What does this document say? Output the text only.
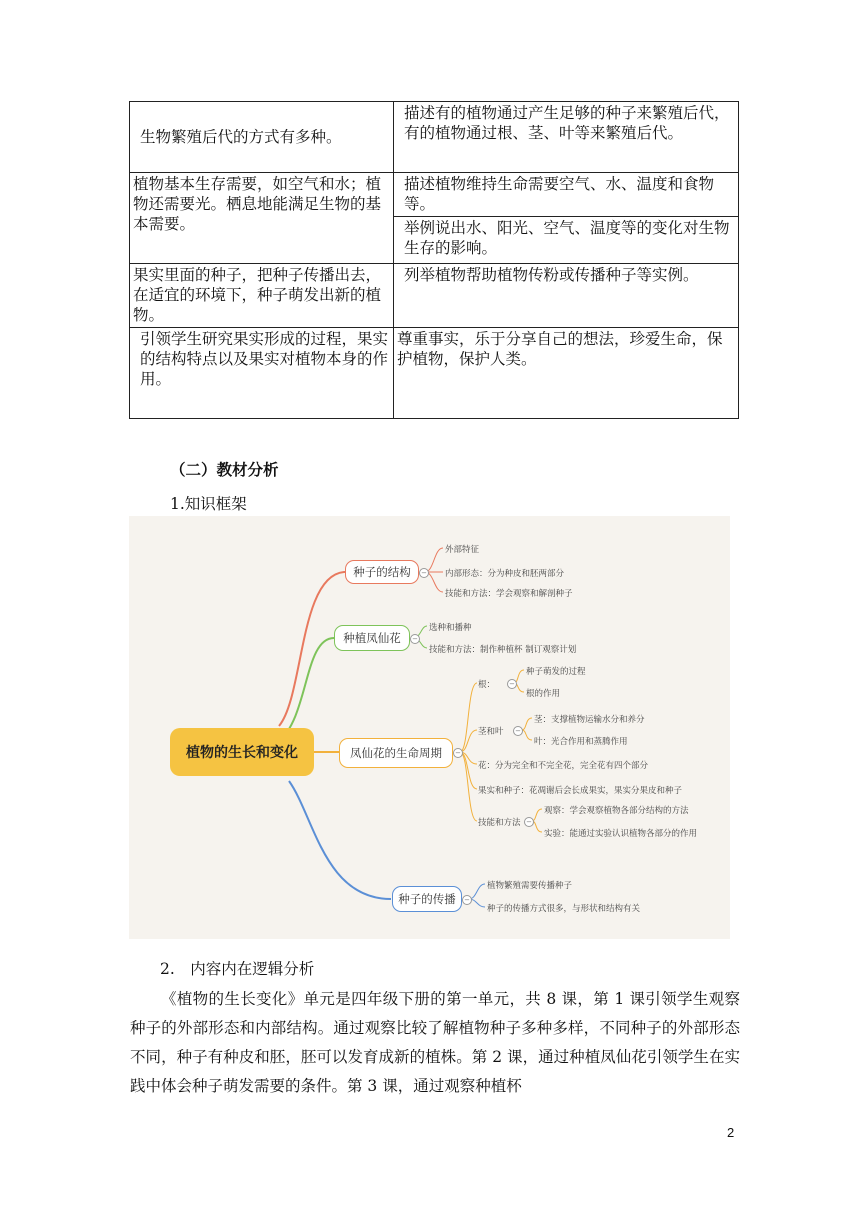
生物繁殖后代的方式有多种。	描述有的植物通过产生足够的种子来繁殖后代，有的植物通过根、茎、叶等来繁殖后代。
植物基本生存需要，如空气和水；植物还需要光。栖息地能满足生物的基本需要。	描述植物维持生命需要空气、水、温度和食物等。
	举例说出水、阳光、空气、温度等的变化对生物生存的影响。
果实里面的种子，把种子传播出去，在适宜的环境下，种子萌发出新的植物。	列举植物帮助植物传粉或传播种子等实例。
引领学生研究果实形成的过程，果实的结构特点以及果实对植物本身的作用。	尊重事实，乐于分享自己的想法，珍爱生命，保护植物，保护人类。
（二）教材分析
1.知识框架
植物的生长和变化
种子的结构 −
外部特征
内部形态：分为种皮和胚两部分
技能和方法：学会观察和解剖种子
种植凤仙花 −
选种和播种
技能和方法：制作种植杯 制订观察计划
凤仙花的生命周期 −
根： −
种子萌发的过程
根的作用
茎和叶 −
茎：支撑植物运输水分和养分
叶：光合作用和蒸腾作用
花：分为完全和不完全花，完全花有四个部分
果实和种子：花凋谢后会长成果实，果实分果皮和种子
技能和方法 −
观察：学会观察植物各部分结构的方法
实验：能通过实验认识植物各部分的作用
种子的传播 −
植物繁殖需要传播种子
种子的传播方式很多，与形状和结构有关
2.　内容内在逻辑分析
《植物的生长变化》单元是四年级下册的第一单元，共 8 课，第 1 课引领学生观察种子的外部形态和内部结构。通过观察比较了解植物种子多种多样，不同种子的外部形态不同，种子有种皮和胚，胚可以发育成新的植株。第 2 课，通过种植凤仙花引领学生在实践中体会种子萌发需要的条件。第 3 课，通过观察种植杯
2
